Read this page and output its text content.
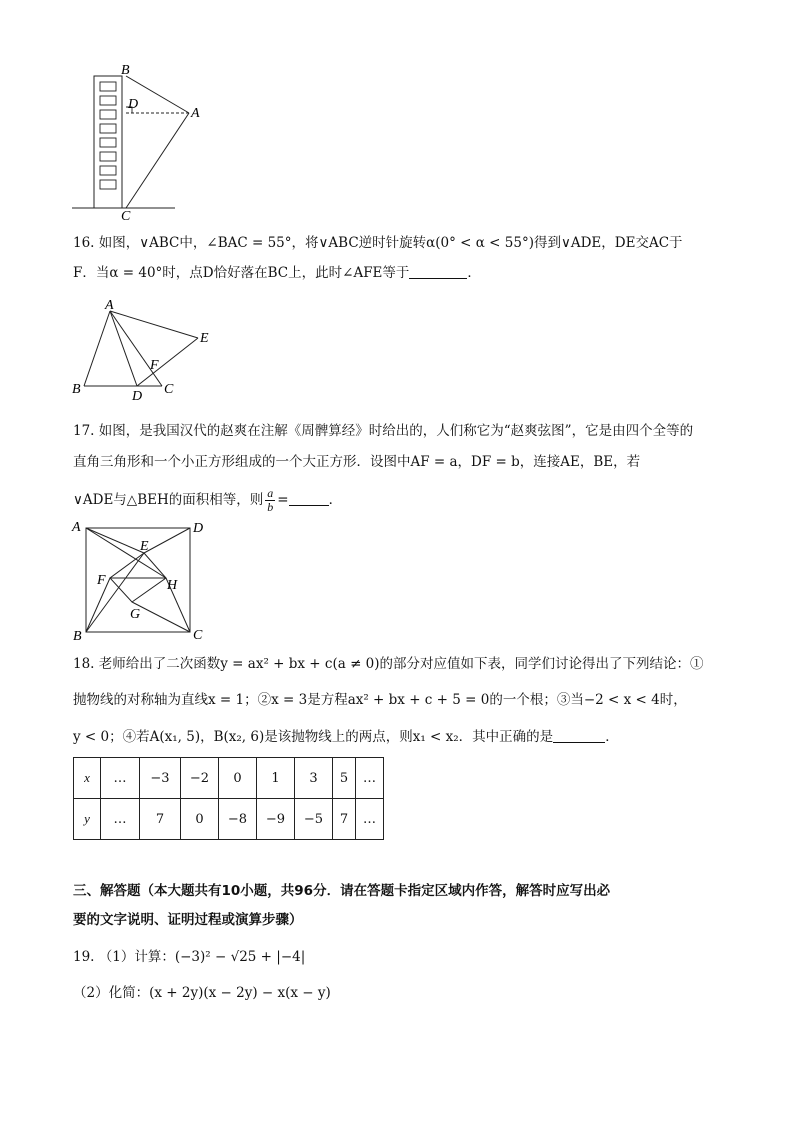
B
D
A
C
16. 如图，∨ABC中，∠BAC = 55°，将∨ABC逆时针旋转α(0° < α < 55°)得到∨ADE，DE交AC于
F．当α = 40°时，点D恰好落在BC上，此时∠AFE等于	．
A
E
F
B	D C
17. 如图，是我国汉代的赵爽在注解《周髀算经》时给出的，人们称它为“赵爽弦图”，它是由四个全等的
直角三角形和一个小正方形组成的一个大正方形．设图中AF = a，DF = b，连接AE，BE，若
∨ADE与△BEH的面积相等，则 $\frac{a}{b}$ =	．
A	D
E
F	H
G
B	C
18. 老师给出了二次函数y = ax² + bx + c(a ≠ 0)的部分对应值如下表，同学们讨论得出了下列结论：①
抛物线的对称轴为直线x = 1；②x = 3是方程ax² + bx + c + 5 = 0的一个根；③当−2 < x < 4时，
y < 0；④若A(x₁, 5)，B(x₂, 6)是该抛物线上的两点，则x₁ < x₂．其中正确的是	．
x	…	−3	−2	0	1	3	5	…
y	…	7	0	−8	−9	−5	7	…
三、解答题（本大题共有10小题，共96分．请在答题卡指定区域内作答，解答时应写出必
要的文字说明、证明过程或演算步骤）
19. （1）计算：(−3)² − √25 + |−4|
（2）化简：(x + 2y)(x − 2y) − x(x − y)
